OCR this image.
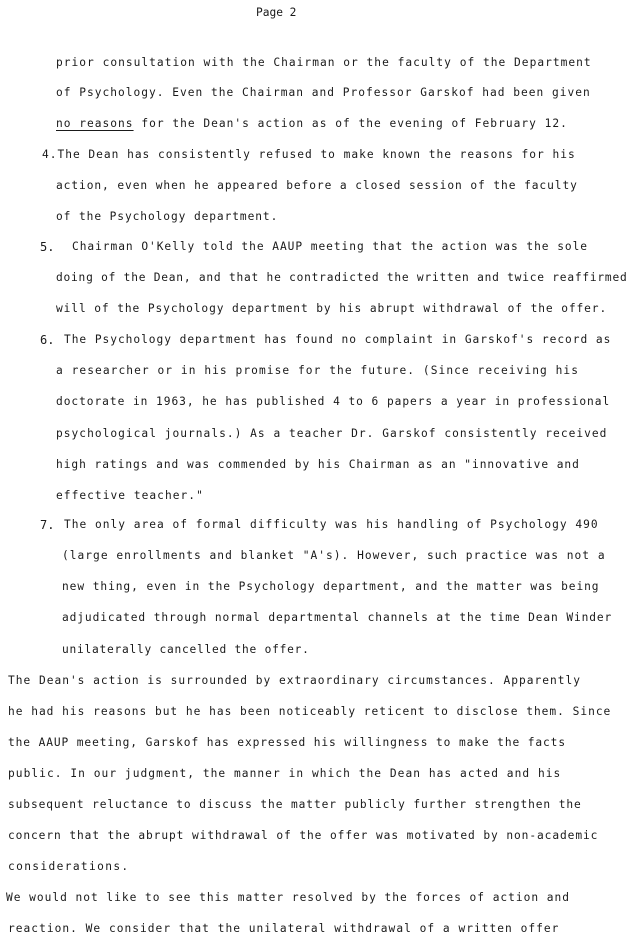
Page 2
prior consultation with the Chairman or the faculty of the Department
of Psychology. Even the Chairman and Professor Garskof had been given
no reasons for the Dean's action as of the evening of February 12.
4.The Dean has consistently refused to make known the reasons for his
action, even when he appeared before a closed session of the faculty
of the Psychology department.
5. Chairman O'Kelly told the AAUP meeting that the action was the sole
doing of the Dean, and that he contradicted the written and twice reaffirmed
will of the Psychology department by his abrupt withdrawal of the offer.
6. The Psychology department has found no complaint in Garskof's record as
a researcher or in his promise for the future. (Since receiving his
doctorate in 1963, he has published 4 to 6 papers a year in professional
psychological journals.) As a teacher Dr. Garskof consistently received
high ratings and was commended by his Chairman as an "innovative and
effective teacher."
7. The only area of formal difficulty was his handling of Psychology 490
(large enrollments and blanket "A's). However, such practice was not a
new thing, even in the Psychology department, and the matter was being
adjudicated through normal departmental channels at the time Dean Winder
unilaterally cancelled the offer.
The Dean's action is surrounded by extraordinary circumstances. Apparently
he had his reasons but he has been noticeably reticent to disclose them. Since
the AAUP meeting, Garskof has expressed his willingness to make the facts
public. In our judgment, the manner in which the Dean has acted and his
subsequent reluctance to discuss the matter publicly further strengthen the
concern that the abrupt withdrawal of the offer was motivated by non-academic
considerations.
We would not like to see this matter resolved by the forces of action and
reaction. We consider that the unilateral withdrawal of a written offer
